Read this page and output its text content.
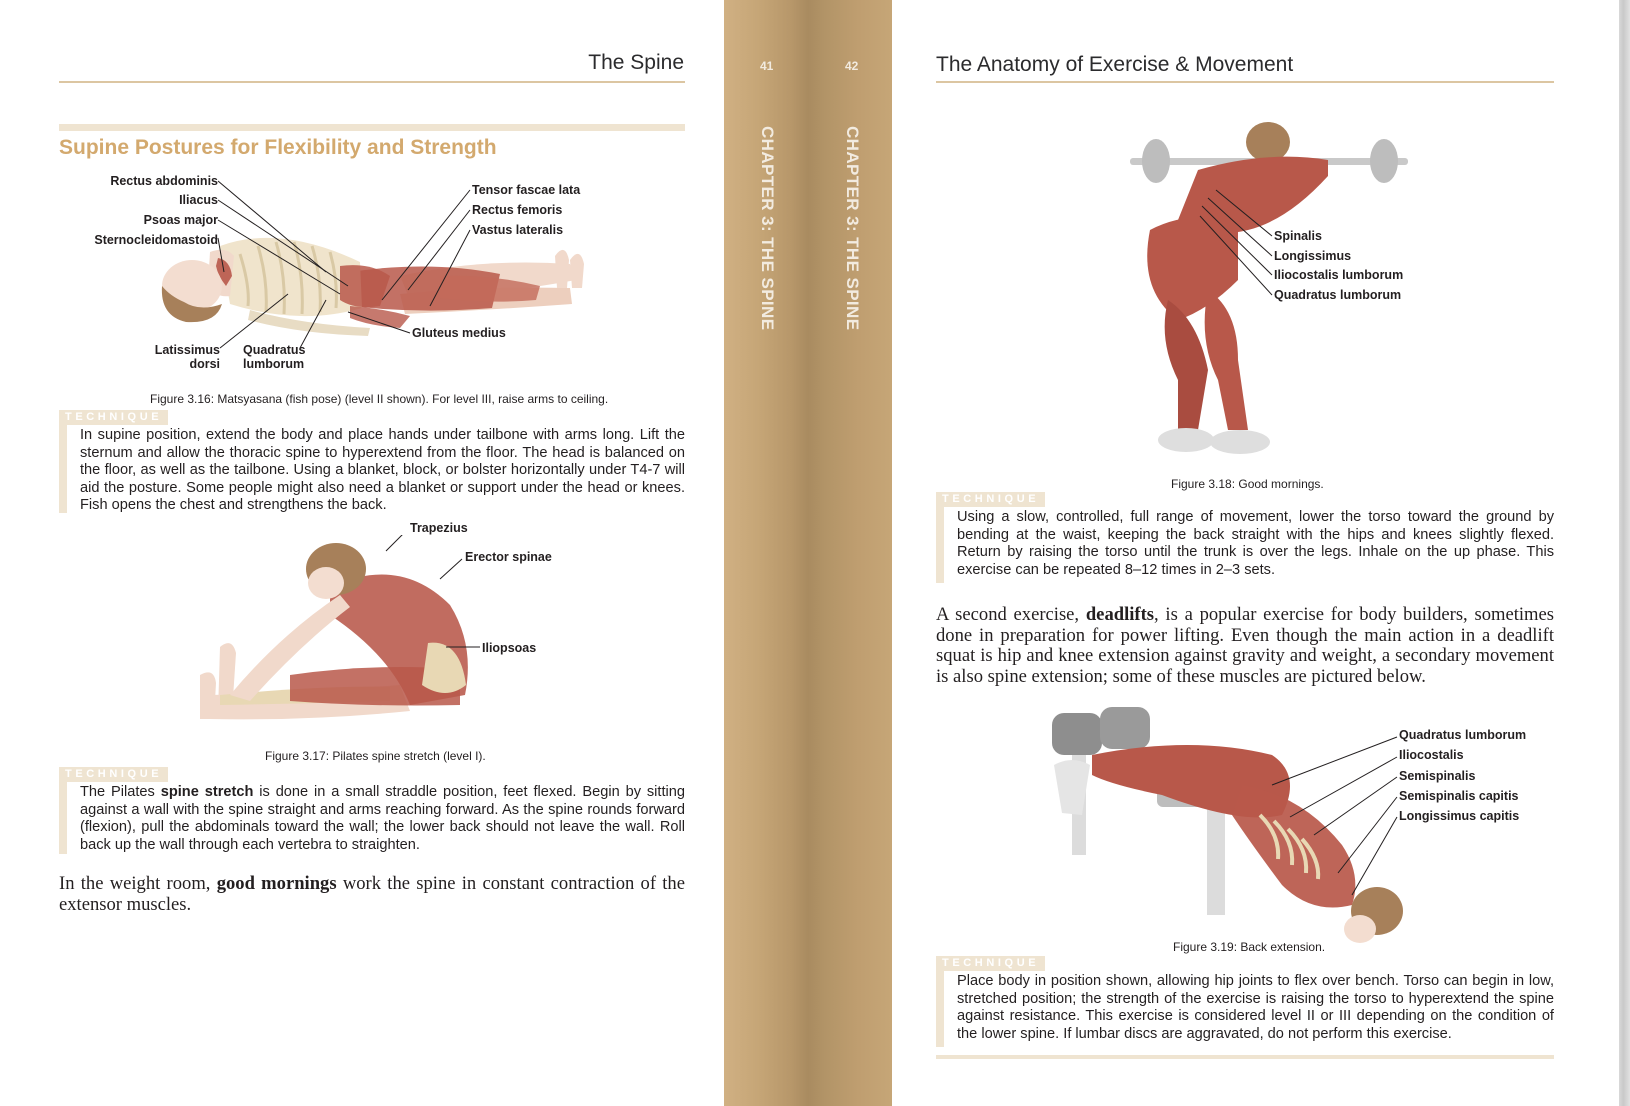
The Spine
Supine Postures for Flexibility and Strength
Rectus abdominis
Iliacus
Psoas major
Sternocleidomastoid
Tensor fascae lata
Rectus femoris
Vastus lateralis
Gluteus medius
Latissimus
dorsi
Quadratus
lumborum
Figure 3.16: Matsyasana (fish pose) (level II shown). For level III, raise arms to ceiling.
TECHNIQUE
In supine position, extend the body and place hands under tailbone with arms long. Lift the sternum and allow the thoracic spine to hyperextend from the floor. The head is balanced on the floor, as well as the tailbone. Using a blanket, block, or bolster horizontally under T4-7 will aid the posture. Some people might also need a blanket or support under the head or knees. Fish opens the chest and strengthens the back.
Trapezius
Erector spinae
Iliopsoas
Figure 3.17: Pilates spine stretch (level I).
TECHNIQUE
The Pilates spine stretch is done in a small straddle position, feet flexed. Begin by sitting against a wall with the spine straight and arms reaching forward. As the spine rounds forward (flexion), pull the abdominals toward the wall; the lower back should not leave the wall. Roll back up the wall through each vertebra to straighten.
In the weight room, good mornings work the spine in constant contraction of the extensor muscles.
41	42
CHAPTER 3: THE SPINE	CHAPTER 3: THE SPINE
The Anatomy of Exercise & Movement
Spinalis
Longissimus
Iliocostalis lumborum
Quadratus lumborum
Figure 3.18: Good mornings.
TECHNIQUE
Using a slow, controlled, full range of movement, lower the torso toward the ground by bending at the waist, keeping the back straight with the hips and knees slightly flexed. Return by raising the torso until the trunk is over the legs. Inhale on the up phase. This exercise can be repeated 8–12 times in 2–3 sets.
A second exercise, deadlifts, is a popular exercise for body builders, sometimes done in preparation for power lifting. Even though the main action in a deadlift squat is hip and knee extension against gravity and weight, a secondary movement is also spine extension; some of these muscles are pictured below.
Quadratus lumborum
Iliocostalis
Semispinalis
Semispinalis capitis
Longissimus capitis
Figure 3.19: Back extension.
TECHNIQUE
Place body in position shown, allowing hip joints to flex over bench. Torso can begin in low, stretched position; the strength of the exercise is raising the torso to hyperextend the spine against resistance. This exercise is considered level II or III depending on the condition of the lower spine. If lumbar discs are aggravated, do not perform this exercise.
